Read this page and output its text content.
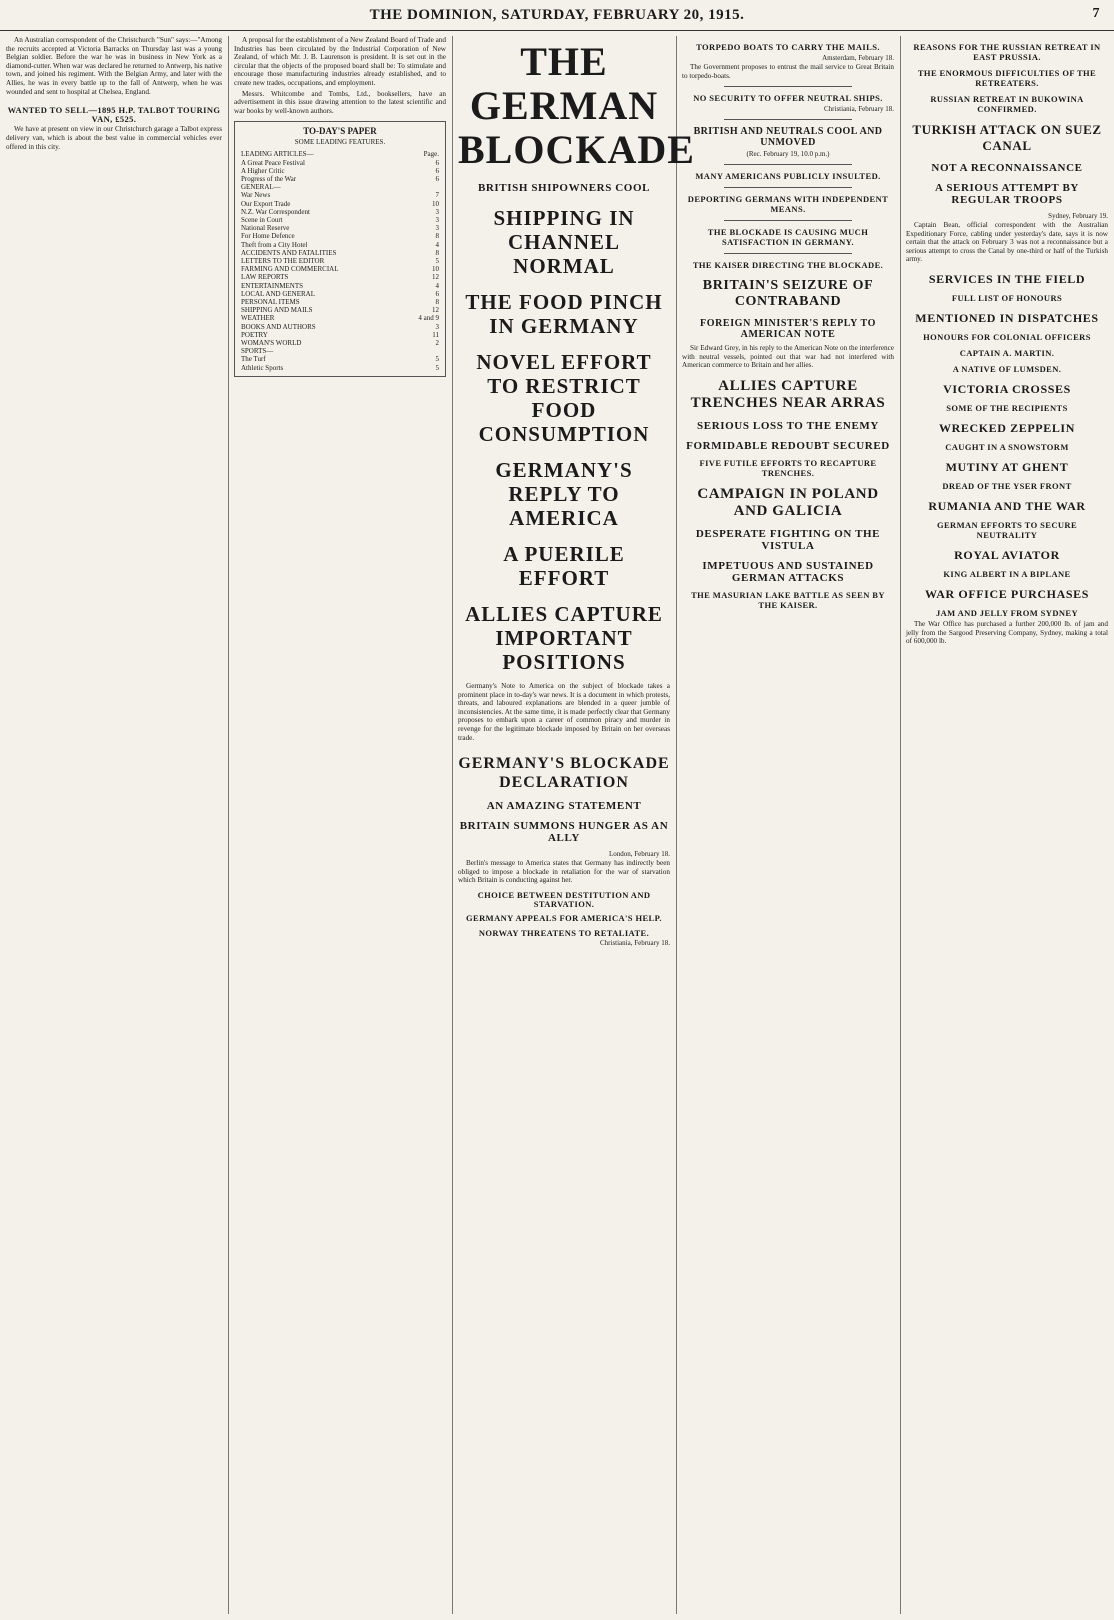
THE DOMINION, SATURDAY, FEBRUARY 20, 1915.	7

An Australian correspondent of the Christchurch "Sun" says:—"Among the recruits accepted at Victoria Barracks on Thursday last was a young Belgian soldier. Before the war he was in business in New York as a diamond-cutter. When war was declared he returned to Antwerp, his native town, and joined his regiment. With the Belgian Army, and later with the Allies, he was in every battle up to the fall of Antwerp, when he was wounded and sent to hospital at Chelsea, England.

WANTED TO SELL—1895 H.P. TALBOT TOURING VAN, £525.

We have at present on view in our Christchurch garage a Talbot express delivery van, which is about the best value in commercial vehicles ever offered in this city.

A proposal for the establishment of a New Zealand Board of Trade and Industries has been circulated by the Industrial Corporation of New Zealand, of which Mr. J. B. Laurenson is president. It is set out in the circular that the objects of the proposed board shall be: To stimulate and encourage those manufacturing industries already established, and to create new trades, occupations, and employment.

Messrs. Whitcombe and Tombs, Ltd., booksellers, have an advertisement in this issue drawing attention to the latest scientific and war books by well-known authors.

TO-DAY'S PAPER
SOME LEADING FEATURES.
LEADING ARTICLES—	Page.
A Great Peace Festival	6
A Higher Critic	6
Progress of the War	6
GENERAL—
War News	7
Our Export Trade	10
N.Z. War Correspondent	3
Scene in Court	3
National Reserve	3
For Home Defence	8
Theft from a City Hotel	4
ACCIDENTS AND FATALITIES	8
LETTERS TO THE EDITOR	5
FARMING AND COMMERCIAL	10
LAW REPORTS	12
ENTERTAINMENTS	4
LOCAL AND GENERAL	6
PERSONAL ITEMS	8
SHIPPING AND MAILS	12
WEATHER	4 and 9
BOOKS AND AUTHORS	3
POETRY	11
WOMAN'S WORLD	2
SPORTS—
The Turf	5
Athletic Sports	5
THE GERMAN BLOCKADE
BRITISH SHIPOWNERS COOL
SHIPPING IN CHANNEL NORMAL
THE FOOD PINCH IN GERMANY
NOVEL EFFORT TO RESTRICT FOOD CONSUMPTION
GERMANY'S REPLY TO AMERICA
A PUERILE EFFORT
ALLIES CAPTURE IMPORTANT POSITIONS

Germany's Note to America on the subject of blockade takes a prominent place in to-day's war news. It is a document in which protests, threats, and laboured explanations are blended in a queer jumble of inconsistencies. At the same time, it is made perfectly clear that Germany proposes to embark upon a career of common piracy and murder in revenge for the legitimate blockade imposed by Britain on her overseas trade.

GERMANY'S BLOCKADE DECLARATION
AN AMAZING STATEMENT
BRITAIN SUMMONS HUNGER AS AN ALLY
London, February 18.

Berlin's message to America states that Germany has indirectly been obliged to impose a blockade in retaliation for the war of starvation which Britain is conducting against her.

CHOICE BETWEEN DESTITUTION AND STARVATION.

GERMANY APPEALS FOR AMERICA'S HELP.

NORWAY THREATENS TO RETALIATE.
Christiania, February 18.
TORPEDO BOATS TO CARRY THE MAILS.
Amsterdam, February 18.

The Government proposes to entrust the mail service to Great Britain to torpedo-boats.

NO SECURITY TO OFFER NEUTRAL SHIPS.
Christiania, February 18.

BRITISH AND NEUTRALS COOL AND UNMOVED
(Rec. February 19, 10.0 p.m.)

MANY AMERICANS PUBLICLY INSULTED.

DEPORTING GERMANS WITH INDEPENDENT MEANS.

THE BLOCKADE IS CAUSING MUCH SATISFACTION IN GERMANY.

THE KAISER DIRECTING THE BLOCKADE.

BRITAIN'S SEIZURE OF CONTRABAND
FOREIGN MINISTER'S REPLY TO AMERICAN NOTE

Sir Edward Grey, in his reply to the American Note on the interference with neutral vessels, pointed out that war had not interfered with American commerce to Britain and her allies.

ALLIES CAPTURE TRENCHES NEAR ARRAS
SERIOUS LOSS TO THE ENEMY
FORMIDABLE REDOUBT SECURED

FIVE FUTILE EFFORTS TO RECAPTURE TRENCHES.

CAMPAIGN IN POLAND AND GALICIA
DESPERATE FIGHTING ON THE VISTULA
IMPETUOUS AND SUSTAINED GERMAN ATTACKS

THE MASURIAN LAKE BATTLE AS SEEN BY THE KAISER.
REASONS FOR THE RUSSIAN RETREAT IN EAST PRUSSIA.

THE ENORMOUS DIFFICULTIES OF THE RETREATERS.

RUSSIAN RETREAT IN BUKOWINA CONFIRMED.

TURKISH ATTACK ON SUEZ CANAL
NOT A RECONNAISSANCE
A SERIOUS ATTEMPT BY REGULAR TROOPS
Sydney, February 19.

Captain Bean, official correspondent with the Australian Expeditionary Force, cabling under yesterday's date, says it is now certain that the attack on February 3 was not a reconnaissance but a serious attempt to cross the Canal by one-third or half of the Turkish army.

SERVICES IN THE FIELD
FULL LIST OF HONOURS

MENTIONED IN DISPATCHES
HONOURS FOR COLONIAL OFFICERS
CAPTAIN A. MARTIN.
A NATIVE OF LUMSDEN.
VICTORIA CROSSES
SOME OF THE RECIPIENTS
WRECKED ZEPPELIN
CAUGHT IN A SNOWSTORM
MUTINY AT GHENT
DREAD OF THE YSER FRONT
RUMANIA AND THE WAR
GERMAN EFFORTS TO SECURE NEUTRALITY
ROYAL AVIATOR
KING ALBERT IN A BIPLANE
WAR OFFICE PURCHASES
JAM AND JELLY FROM SYDNEY

The War Office has purchased a further 200,000 lb. of jam and jelly from the Sargood Preserving Company, Sydney, making a total of 600,000 lb.
